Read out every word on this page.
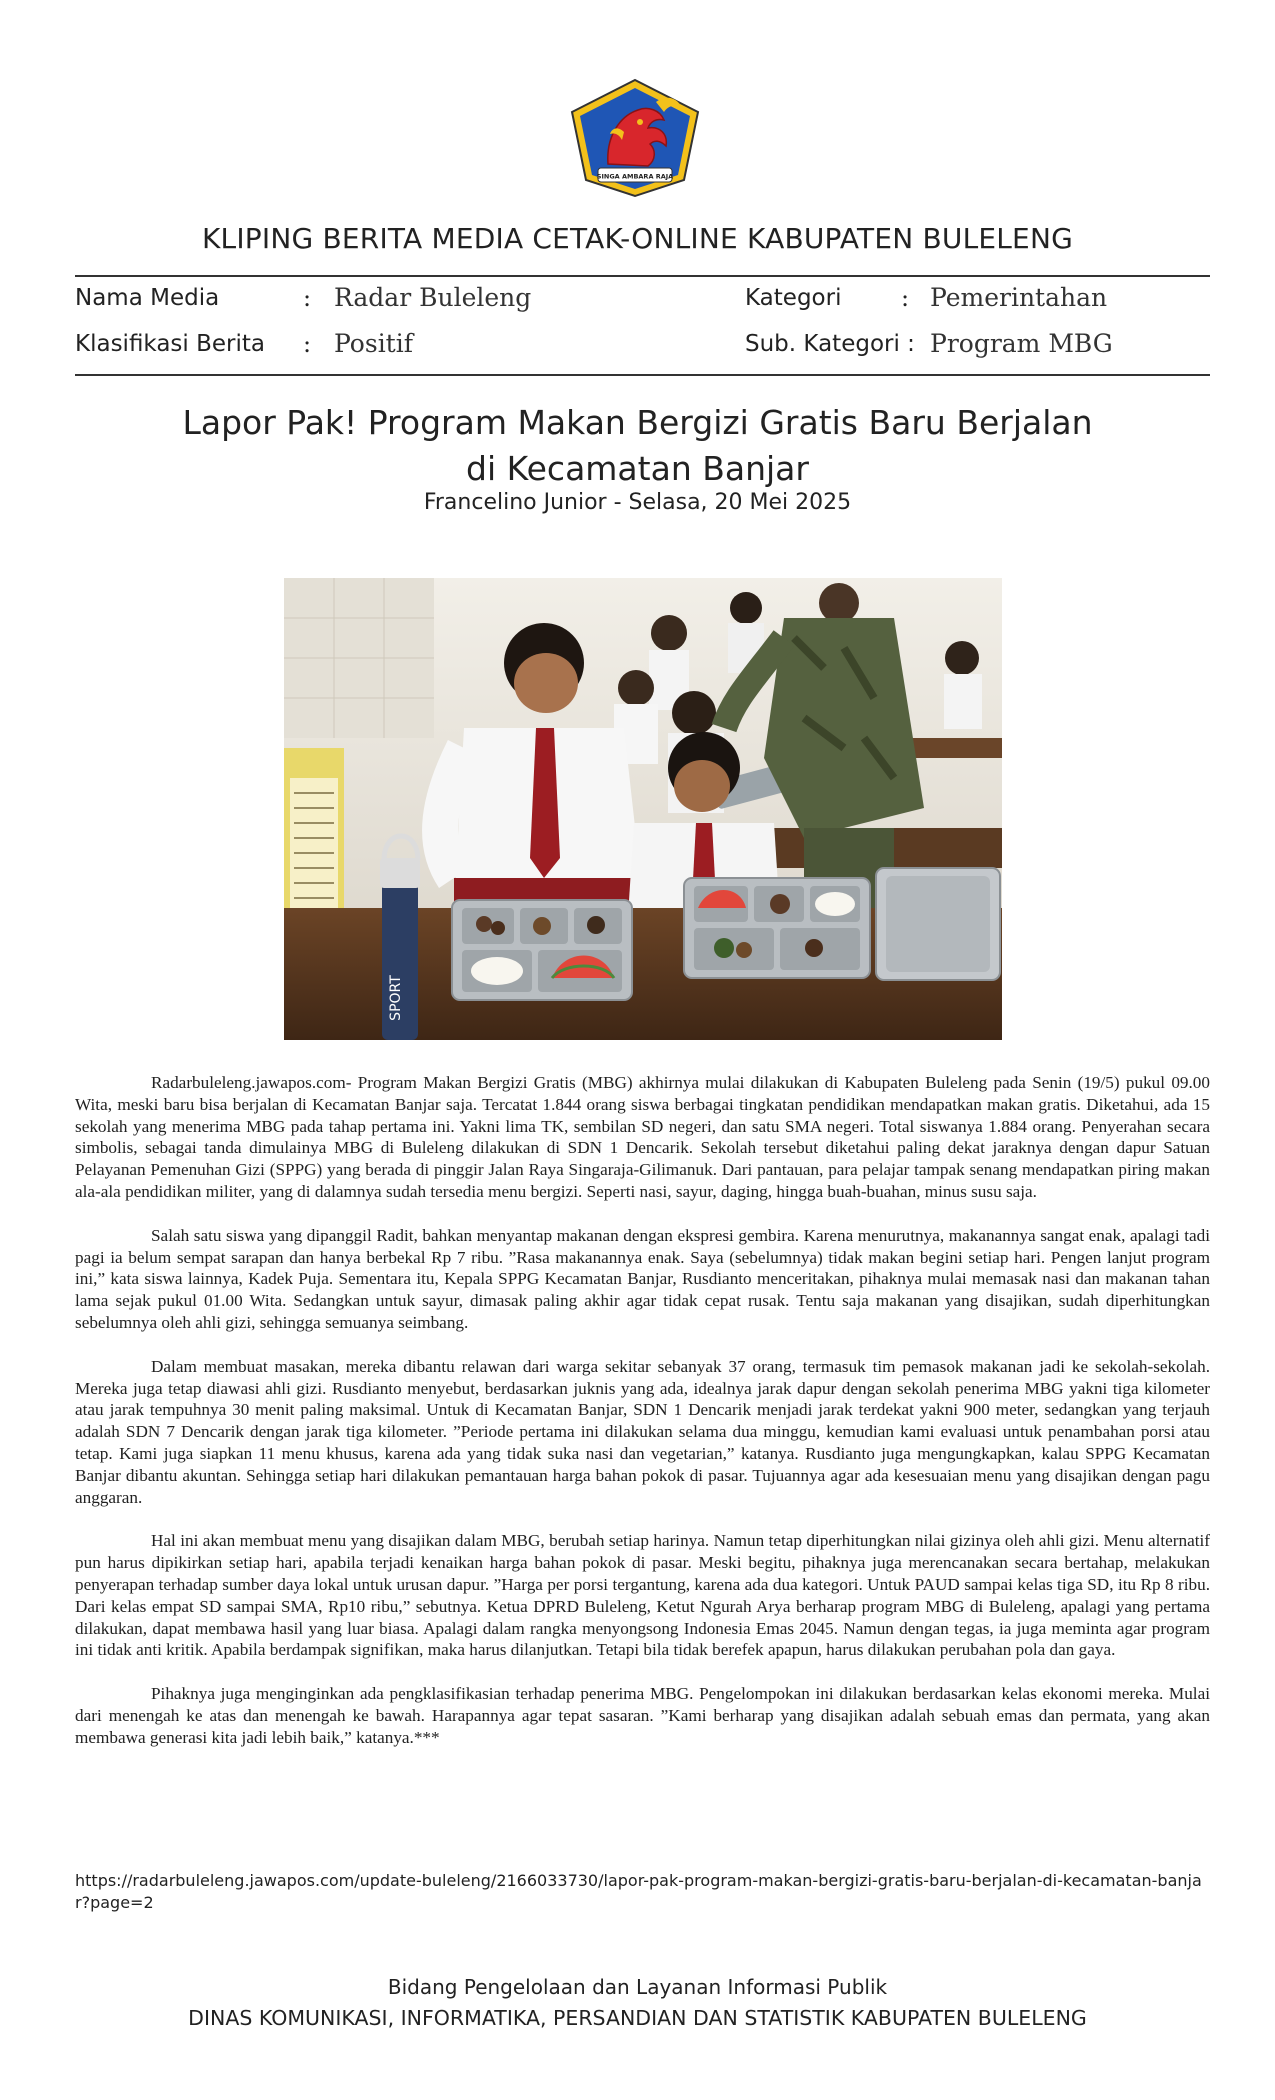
SINGA AMBARA RAJA
KLIPING BERITA MEDIA CETAK-ONLINE KABUPATEN BULELENG
Nama Media	: Radar Buleleng	Kategori : Pemerintahan
Klasifikasi Berita : Positif	Sub. Kategori : Program MBG
Lapor Pak! Program Makan Bergizi Gratis Baru Berjalan
di Kecamatan Banjar
Francelino Junior - Selasa, 20 Mei 2025
SPORT

Radarbuleleng.jawapos.com- Program Makan Bergizi Gratis (MBG) akhirnya mulai dilakukan di Kabupaten Buleleng pada Senin (19/5) pukul 09.00 Wita, meski baru bisa berjalan di Kecamatan Banjar saja. Tercatat 1.844 orang siswa berbagai tingkatan pendidikan mendapatkan makan gratis. Diketahui, ada 15 sekolah yang menerima MBG pada tahap pertama ini. Yakni lima TK, sembilan SD negeri, dan satu SMA negeri. Total siswanya 1.884 orang. Penyerahan secara simbolis, sebagai tanda dimulainya MBG di Buleleng dilakukan di SDN 1 Dencarik. Sekolah tersebut diketahui paling dekat jaraknya dengan dapur Satuan Pelayanan Pemenuhan Gizi (SPPG) yang berada di pinggir Jalan Raya Singaraja-Gilimanuk. Dari pantauan, para pelajar tampak senang mendapatkan piring makan ala-ala pendidikan militer, yang di dalamnya sudah tersedia menu bergizi. Seperti nasi, sayur, daging, hingga buah-buahan, minus susu saja.

Salah satu siswa yang dipanggil Radit, bahkan menyantap makanan dengan ekspresi gembira. Karena menurutnya, makanannya sangat enak, apalagi tadi pagi ia belum sempat sarapan dan hanya berbekal Rp 7 ribu. ”Rasa makanannya enak. Saya (sebelumnya) tidak makan begini setiap hari. Pengen lanjut program ini,” kata siswa lainnya, Kadek Puja. Sementara itu, Kepala SPPG Kecamatan Banjar, Rusdianto menceritakan, pihaknya mulai memasak nasi dan makanan tahan lama sejak pukul 01.00 Wita. Sedangkan untuk sayur, dimasak paling akhir agar tidak cepat rusak. Tentu saja makanan yang disajikan, sudah diperhitungkan sebelumnya oleh ahli gizi, sehingga semuanya seimbang.

Dalam membuat masakan, mereka dibantu relawan dari warga sekitar sebanyak 37 orang, termasuk tim pemasok makanan jadi ke sekolah-sekolah. Mereka juga tetap diawasi ahli gizi. Rusdianto menyebut, berdasarkan juknis yang ada, idealnya jarak dapur dengan sekolah penerima MBG yakni tiga kilometer atau jarak tempuhnya 30 menit paling maksimal. Untuk di Kecamatan Banjar, SDN 1 Dencarik menjadi jarak terdekat yakni 900 meter, sedangkan yang terjauh adalah SDN 7 Dencarik dengan jarak tiga kilometer. ”Periode pertama ini dilakukan selama dua minggu, kemudian kami evaluasi untuk penambahan porsi atau tetap. Kami juga siapkan 11 menu khusus, karena ada yang tidak suka nasi dan vegetarian,” katanya. Rusdianto juga mengungkapkan, kalau SPPG Kecamatan Banjar dibantu akuntan. Sehingga setiap hari dilakukan pemantauan harga bahan pokok di pasar. Tujuannya agar ada kesesuaian menu yang disajikan dengan pagu anggaran.

Hal ini akan membuat menu yang disajikan dalam MBG, berubah setiap harinya. Namun tetap diperhitungkan nilai gizinya oleh ahli gizi. Menu alternatif pun harus dipikirkan setiap hari, apabila terjadi kenaikan harga bahan pokok di pasar. Meski begitu, pihaknya juga merencanakan secara bertahap, melakukan penyerapan terhadap sumber daya lokal untuk urusan dapur. ”Harga per porsi tergantung, karena ada dua kategori. Untuk PAUD sampai kelas tiga SD, itu Rp 8 ribu. Dari kelas empat SD sampai SMA, Rp10 ribu,” sebutnya. Ketua DPRD Buleleng, Ketut Ngurah Arya berharap program MBG di Buleleng, apalagi yang pertama dilakukan, dapat membawa hasil yang luar biasa. Apalagi dalam rangka menyongsong Indonesia Emas 2045. Namun dengan tegas, ia juga meminta agar program ini tidak anti kritik. Apabila berdampak signifikan, maka harus dilanjutkan. Tetapi bila tidak berefek apapun, harus dilakukan perubahan pola dan gaya.

Pihaknya juga menginginkan ada pengklasifikasian terhadap penerima MBG. Pengelompokan ini dilakukan berdasarkan kelas ekonomi mereka. Mulai dari menengah ke atas dan menengah ke bawah. Harapannya agar tepat sasaran. ”Kami berharap yang disajikan adalah sebuah emas dan permata, yang akan membawa generasi kita jadi lebih baik,” katanya.***

https://radarbuleleng.jawapos.com/update-buleleng/2166033730/lapor-pak-program-makan-bergizi-gratis-baru-berjalan-di-kecamatan-banjar?page=2
Bidang Pengelolaan dan Layanan Informasi Publik
DINAS KOMUNIKASI, INFORMATIKA, PERSANDIAN DAN STATISTIK KABUPATEN BULELENG
